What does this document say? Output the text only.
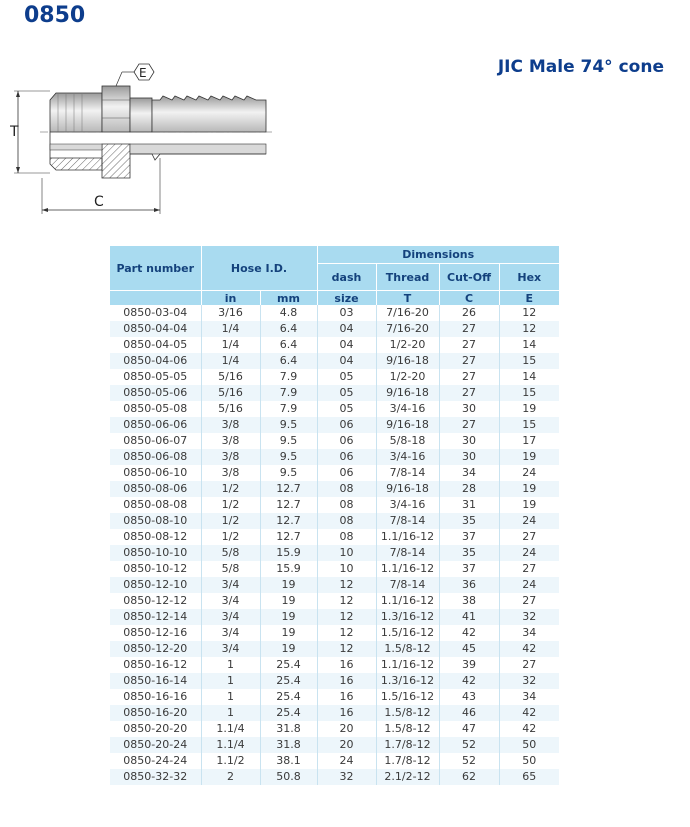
0850
JIC Male 74° cone
T
E
C
Part number	Hose I.D.		Dimensions			
			dash	Thread	Cut-Off	Hex
	in	mm	size	T	C	E
0850-03-04	3/16	4.8	03	7/16-20	26	12
0850-04-04	1/4	6.4	04	7/16-20	27	12
0850-04-05	1/4	6.4	04	1/2-20	27	14
0850-04-06	1/4	6.4	04	9/16-18	27	15
0850-05-05	5/16	7.9	05	1/2-20	27	14
0850-05-06	5/16	7.9	05	9/16-18	27	15
0850-05-08	5/16	7.9	05	3/4-16	30	19
0850-06-06	3/8	9.5	06	9/16-18	27	15
0850-06-07	3/8	9.5	06	5/8-18	30	17
0850-06-08	3/8	9.5	06	3/4-16	30	19
0850-06-10	3/8	9.5	06	7/8-14	34	24
0850-08-06	1/2	12.7	08	9/16-18	28	19
0850-08-08	1/2	12.7	08	3/4-16	31	19
0850-08-10	1/2	12.7	08	7/8-14	35	24
0850-08-12	1/2	12.7	08	1.1/16-12	37	27
0850-10-10	5/8	15.9	10	7/8-14	35	24
0850-10-12	5/8	15.9	10	1.1/16-12	37	27
0850-12-10	3/4	19	12	7/8-14	36	24
0850-12-12	3/4	19	12	1.1/16-12	38	27
0850-12-14	3/4	19	12	1.3/16-12	41	32
0850-12-16	3/4	19	12	1.5/16-12	42	34
0850-12-20	3/4	19	12	1.5/8-12	45	42
0850-16-12	1	25.4	16	1.1/16-12	39	27
0850-16-14	1	25.4	16	1.3/16-12	42	32
0850-16-16	1	25.4	16	1.5/16-12	43	34
0850-16-20	1	25.4	16	1.5/8-12	46	42
0850-20-20	1.1/4	31.8	20	1.5/8-12	47	42
0850-20-24	1.1/4	31.8	20	1.7/8-12	52	50
0850-24-24	1.1/2	38.1	24	1.7/8-12	52	50
0850-32-32	2	50.8	32	2.1/2-12	62	65
